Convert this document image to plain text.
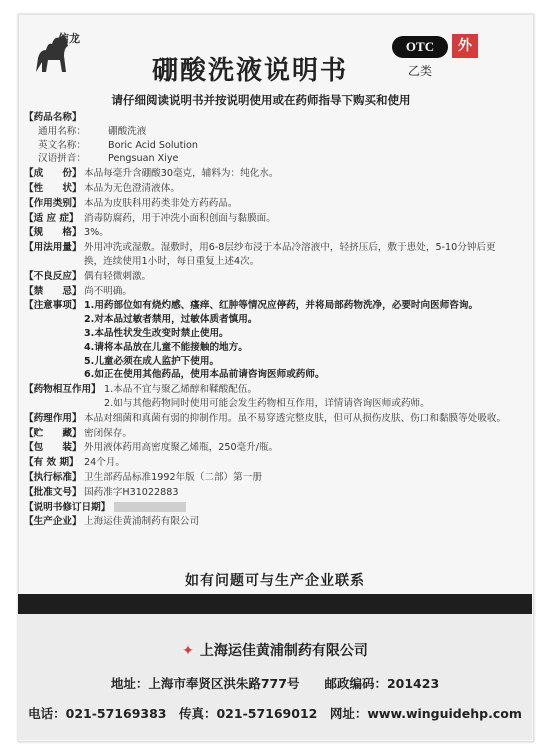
信龙
硼酸洗液说明书
OTC	外
乙类
请仔细阅读说明书并按说明使用或在药师指导下购买和使用
【药品名称】
通用名称：	硼酸洗液
英文名称：	Boric Acid Solution
汉语拼音：	Pengsuan Xiye
【成　　份】 本品每毫升含硼酸30毫克，辅料为：纯化水。
【性　　状】 本品为无色澄清液体。
【作用类别】 本品为皮肤科用药类非处方药药品。
【适 应 症】 消毒防腐药，用于冲洗小面积创面与黏膜面。
【规　　格】 3%。
【用法用量】 外用冲洗或湿敷。湿敷时，用6-8层纱布浸于本品冷溶液中，轻挤压后，敷于患处，5-10分钟后更换，连续使用1小时，每日重复上述4次。
【不良反应】 偶有轻微刺激。
【禁　　忌】 尚不明确。
【注意事项】 1.用药部位如有烧灼感、瘙痒、红肿等情况应停药，并将局部药物洗净，必要时向医师咨询。
2.对本品过敏者禁用，过敏体质者慎用。
3.本品性状发生改变时禁止使用。
4.请将本品放在儿童不能接触的地方。
5.儿童必须在成人监护下使用。
6.如正在使用其他药品，使用本品前请咨询医师或药师。
【药物相互作用】 1.本品不宜与聚乙烯醇和鞣酸配伍。
2.如与其他药物同时使用可能会发生药物相互作用，详情请咨询医师或药师。
【药理作用】 本品对细菌和真菌有弱的抑制作用。虽不易穿透完整皮肤，但可从损伤皮肤、伤口和黏膜等处吸收。
【贮　　藏】 密闭保存。
【包　　装】 外用液体药用高密度聚乙烯瓶，250毫升/瓶。
【有 效 期】 24个月。
【执行标准】 卫生部药品标准1992年版（二部）第一册
【批准文号】 国药准字H31022883
【说明书修订日期】
【生产企业】 上海运佳黄浦制药有限公司
如有问题可与生产企业联系
✦ 上海运佳黄浦制药有限公司
地址：上海市奉贤区洪朱路777号　　邮政编码：201423
电话：021-57169383　传真：021-57169012　网址：www.winguidehp.com
